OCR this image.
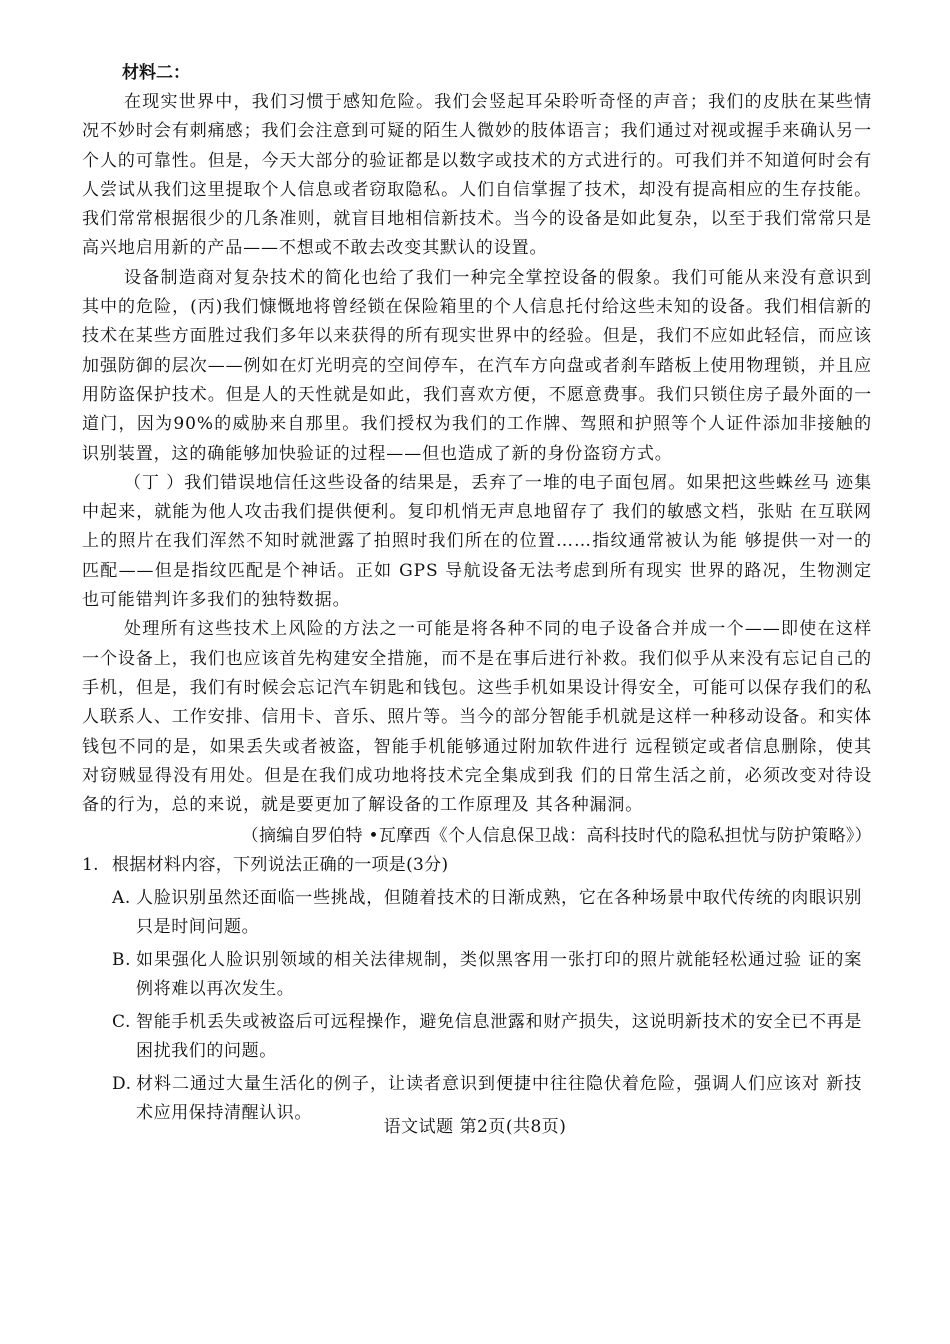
材料二：

在现实世界中，我们习惯于感知危险。我们会竖起耳朵聆听奇怪的声音；我们的皮肤在某些情况不妙时会有刺痛感；我们会注意到可疑的陌生人微妙的肢体语言；我们通过对视或握手来确认另一个人的可靠性。但是，今天大部分的验证都是以数字或技术的方式进行的。可我们并不知道何时会有人尝试从我们这里提取个人信息或者窃取隐私。人们自信掌握了技术，却没有提高相应的生存技能。我们常常根据很少的几条准则，就盲目地相信新技术。当今的设备是如此复杂，以至于我们常常只是高兴地启用新的产品——不想或不敢去改变其默认的设置。

设备制造商对复杂技术的简化也给了我们一种完全掌控设备的假象。我们可能从来没有意识到其中的危险，(丙)我们慷慨地将曾经锁在保险箱里的个人信息托付给这些未知的设备。我们相信新的技术在某些方面胜过我们多年以来获得的所有现实世界中的经验。但是，我们不应如此轻信，而应该加强防御的层次——例如在灯光明亮的空间停车，在汽车方向盘或者刹车踏板上使用物理锁，并且应用防盗保护技术。但是人的天性就是如此，我们喜欢方便，不愿意费事。我们只锁住房子最外面的一道门，因为90%的威胁来自那里。我们授权为我们的工作牌、驾照和护照等个人证件添加非接触的识别装置，这的确能够加快验证的过程——但也造成了新的身份盗窃方式。

（丁 ）我们错误地信任这些设备的结果是，丢弃了一堆的电子面包屑。如果把这些蛛丝马 迹集中起来，就能为他人攻击我们提供便利。复印机悄无声息地留存了 我们的敏感文档，张贴 在互联网上的照片在我们浑然不知时就泄露了拍照时我们所在的位置……指纹通常被认为能 够提供一对一的匹配——但是指纹匹配是个神话。正如 GPS 导航设备无法考虑到所有现实 世界的路况，生物测定也可能错判许多我们的独特数据。

处理所有这些技术上风险的方法之一可能是将各种不同的电子设备合并成一个——即使在这样一个设备上，我们也应该首先构建安全措施，而不是在事后进行补救。我们似乎从来没有忘记自己的手机，但是，我们有时候会忘记汽车钥匙和钱包。这些手机如果设计得安全，可能可以保存我们的私人联系人、工作安排、信用卡、音乐、照片等。当今的部分智能手机就是这样一种移动设备。和实体钱包不同的是，如果丢失或者被盗，智能手机能够通过附加软件进行 远程锁定或者信息删除，使其对窃贼显得没有用处。但是在我们成功地将技术完全集成到我 们的日常生活之前，必须改变对待设备的行为，总的来说，就是要更加了解设备的工作原理及 其各种漏洞。

（摘编自罗伯特 •瓦摩西《个人信息保卫战：高科技时代的隐私担忧与防护策略》）

1. 根据材料内容，下列说法正确的一项是(3分)
A. 人脸识别虽然还面临一些挑战，但随着技术的日渐成熟，它在各种场景中取代传统的肉眼识别只是时间问题。
B. 如果强化人脸识别领域的相关法律规制，类似黑客用一张打印的照片就能轻松通过验 证的案例将难以再次发生。
C. 智能手机丢失或被盗后可远程操作，避免信息泄露和财产损失，这说明新技术的安全已不再是困扰我们的问题。
D. 材料二通过大量生活化的例子，让读者意识到便捷中往往隐伏着危险，强调人们应该对 新技术应用保持清醒认识。
语文试题 第2页(共8页)
